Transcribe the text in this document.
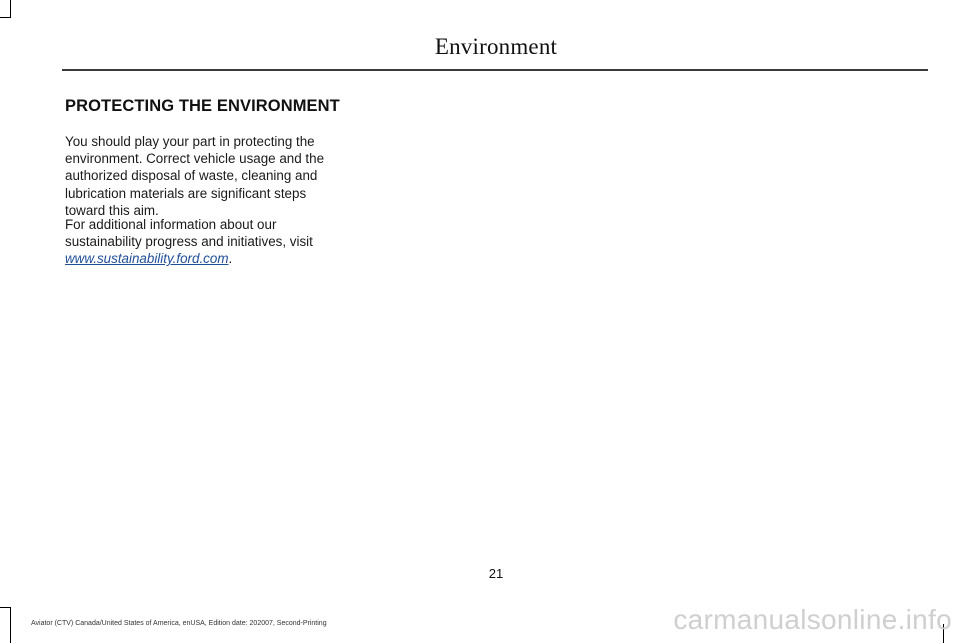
Environment
PROTECTING THE ENVIRONMENT

You should play your part in protecting the environment. Correct vehicle usage and the authorized disposal of waste, cleaning and lubrication materials are significant steps toward this aim.

For additional information about our sustainability progress and initiatives, visit www.sustainability.ford.com.

21
Aviator (CTV) Canada/United States of America, enUSA, Edition date: 202007, Second-Printing	carmanualsonline.info
